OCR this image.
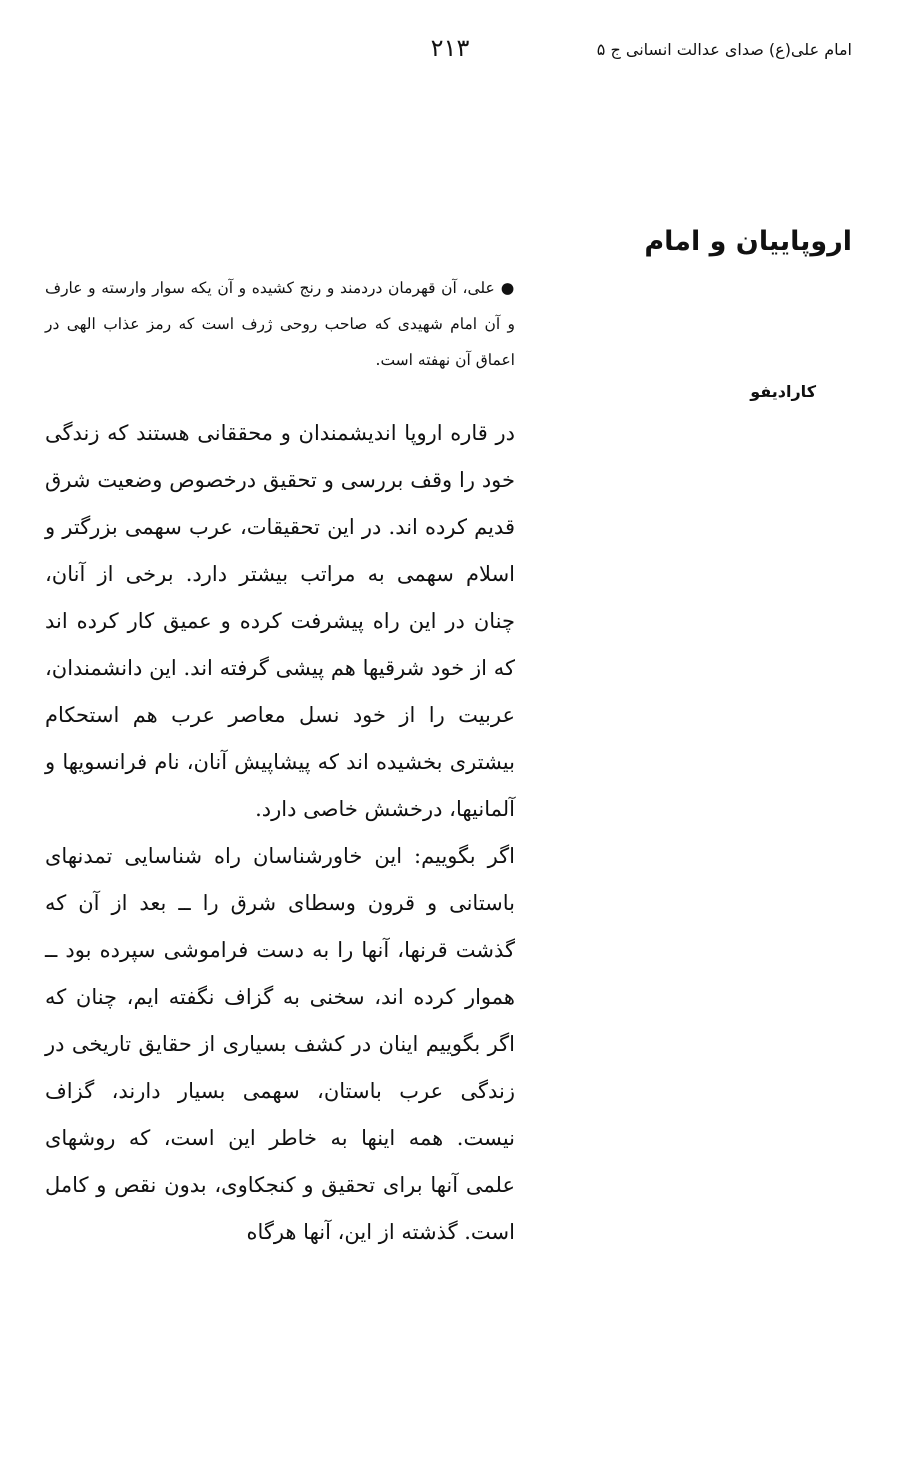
امام علی(ع) صدای عدالت انسانی ج ۵
۲۱۳
اروپاییان و امام
●علی، آن قهرمان دردمند و رنج کشیده و آن یکه سوار وارسته و عارف و آن امام شهیدی که صاحب روحی ژرف است که رمز عذاب الهی در اعماق آن نهفته است.
کارادیفو

در قاره اروپا اندیشمندان و محققانی هستند که زندگی خود را وقف بررسی و تحقیق درخصوص وضعیت شرق قدیم کرده اند. در این تحقیقات، عرب سهمی بزرگتر و اسلام سهمی به مراتب بیشتر دارد. برخی از آنان، چنان در این راه پیشرفت کرده و عمیق کار کرده اند که از خود شرقیها هم پیشی گرفته اند. این دانشمندان، عربیت را از خود نسل معاصر عرب هم استحکام بیشتری بخشیده اند که پیشاپیش آنان، نام فرانسویها و آلمانیها، درخشش خاصی دارد.

اگر بگوییم: این خاورشناسان راه شناسایی تمدنهای باستانی و قرون وسطای شرق را ــ بعد از آن که گذشت قرنها، آنها را به دست فراموشی سپرده بود ــ هموار کرده اند، سخنی به گزاف نگفته ایم، چنان که اگر بگوییم اینان در کشف بسیاری از حقایق تاریخی در زندگی عرب باستان، سهمی بسیار دارند، گزاف نیست. همه اینها به خاطر این است، که روشهای علمی آنها برای تحقیق و کنجکاوی، بدون نقص و کامل است. گذشته از این، آنها هرگاه
